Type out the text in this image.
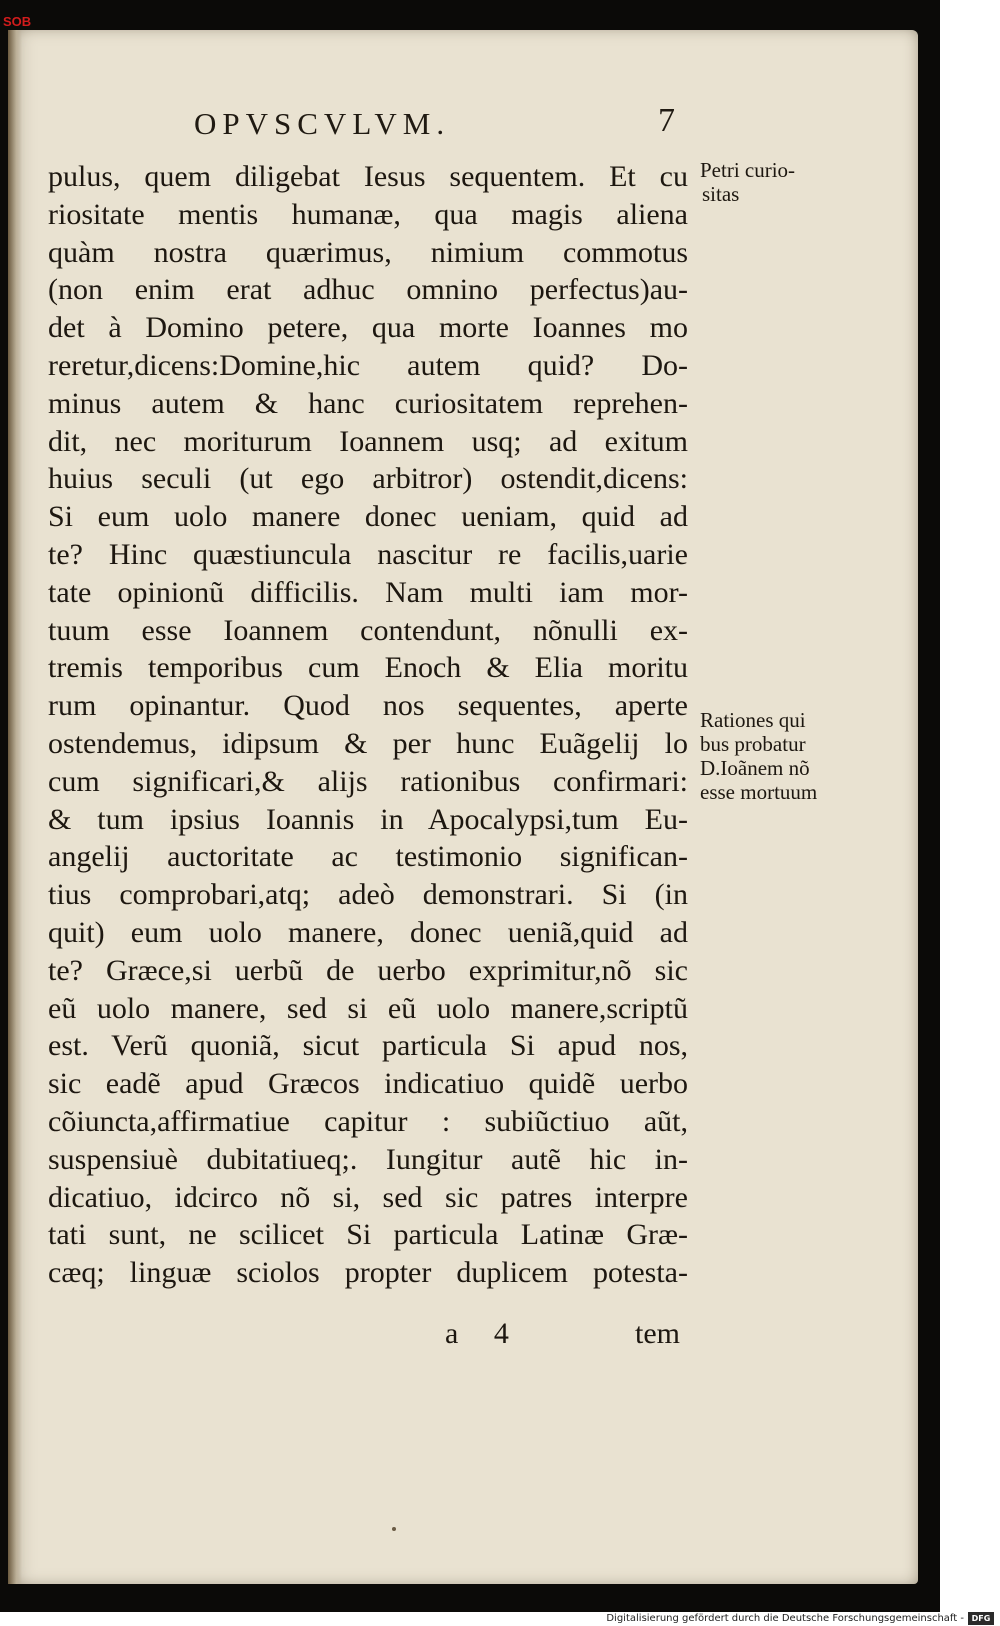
SOB
OPVSCVLVM.	7
pulus, quem diligebat Iesus sequentem. Et cu
riositate mentis humanæ, qua magis aliena
quàm nostra quærimus, nimium commotus
(non enim erat adhuc omnino perfectus)au-
det à Domino petere, qua morte Ioannes mo
reretur,dicens:Domine,hic autem quid? Do-
minus autem & hanc curiositatem reprehen-
dit, nec moriturum Ioannem usq; ad exitum
huius seculi (ut ego arbitror) ostendit,dicens:
Si eum uolo manere donec ueniam, quid ad
te? Hinc quæstiuncula nascitur re facilis,uarie
tate opinionũ difficilis. Nam multi iam mor-
tuum esse Ioannem contendunt, nõnulli ex-
tremis temporibus cum Enoch & Elia moritu
rum opinantur. Quod nos sequentes, aperte
ostendemus, idipsum & per hunc Euãgelij lo
cum significari,& alijs rationibus confirmari:
& tum ipsius Ioannis in Apocalypsi,tum Eu-
angelij auctoritate ac testimonio significan-
tius comprobari,atq; adeò demonstrari. Si (in
quit) eum uolo manere, donec ueniã,quid ad
te? Græce,si uerbũ de uerbo exprimitur,nõ sic
eũ uolo manere, sed si eũ uolo manere,scriptũ
est. Verũ quoniã, sicut particula Si apud nos,
sic eadẽ apud Græcos indicatiuo quidẽ uerbo
cõiuncta,affirmatiue capitur : subiũctiuo aũt,
suspensiuè dubitatiueq;. Iungitur autẽ hic in-
dicatiuo, idcirco nõ si, sed sic patres interpre
tati sunt, ne scilicet Si particula Latinæ Græ-
cæq; linguæ sciolos propter duplicem potesta-
Petri curio-
sitas
Rationes qui
bus probatur
D.Ioãnem nõ
esse mortuum
a 4	tem
Digitalisierung gefördert durch die Deutsche Forschungsgemeinschaft - DFG
